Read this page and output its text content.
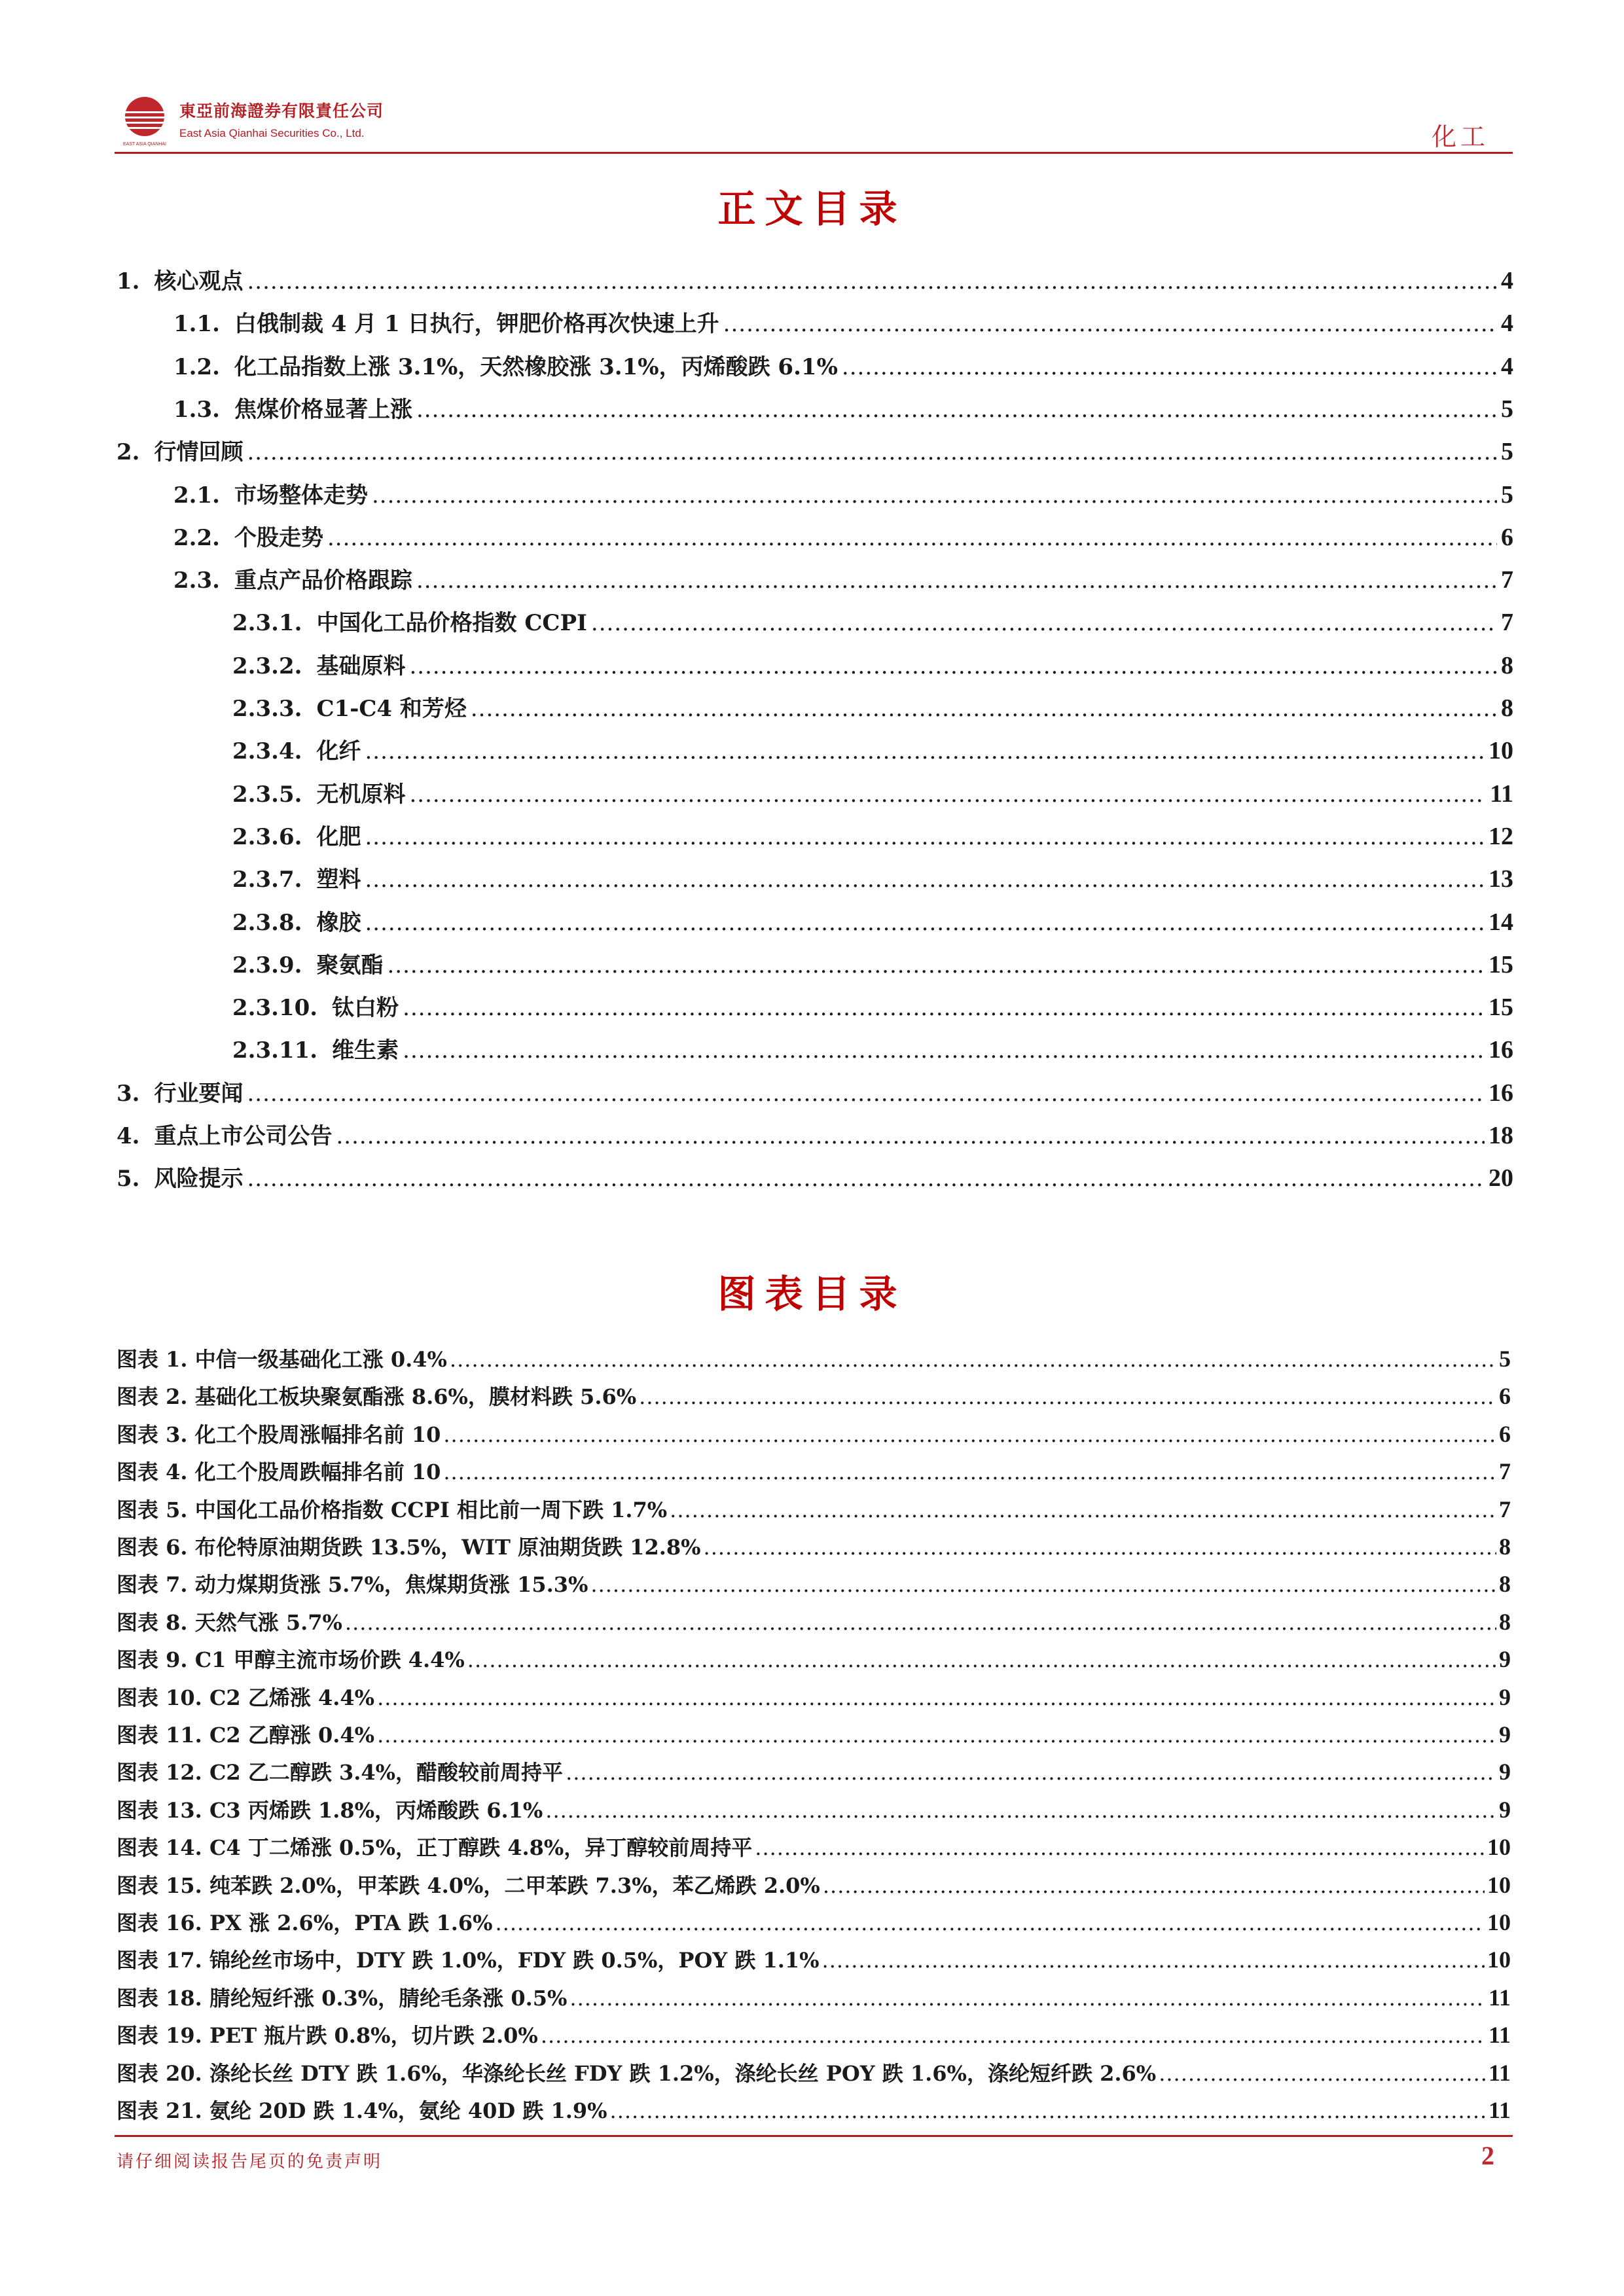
EAST ASIA QIANHAI
東亞前海證券有限責任公司
East Asia Qianhai Securities Co., Ltd.	化工
正文目录
1. 核心观点 .....	4
1.1. 白俄制裁 4 月 1 日执行，钾肥价格再次快速上升 .....	4
1.2. 化工品指数上涨 3.1%，天然橡胶涨 3.1%，丙烯酸跌 6.1% .....	4
1.3. 焦煤价格显著上涨 .....	5
2. 行情回顾 .....	5
2.1. 市场整体走势 .....	5
2.2. 个股走势 .....	6
2.3. 重点产品价格跟踪 .....	7
2.3.1. 中国化工品价格指数 CCPI .....	7
2.3.2. 基础原料 .....	8
2.3.3. C1-C4 和芳烃 .....	8
2.3.4. 化纤 .....	10
2.3.5. 无机原料 .....	11
2.3.6. 化肥 .....	12
2.3.7. 塑料 .....	13
2.3.8. 橡胶 .....	14
2.3.9. 聚氨酯 .....	15
2.3.10. 钛白粉 .....	15
2.3.11. 维生素 .....	16
3. 行业要闻 .....	16
4. 重点上市公司公告 .....	18
5. 风险提示 .....	20
图表目录
图表 1. 中信一级基础化工涨 0.4% .....	5
图表 2. 基础化工板块聚氨酯涨 8.6%，膜材料跌 5.6% .....	6
图表 3. 化工个股周涨幅排名前 10 .....	6
图表 4. 化工个股周跌幅排名前 10 .....	7
图表 5. 中国化工品价格指数 CCPI 相比前一周下跌 1.7% .....	7
图表 6. 布伦特原油期货跌 13.5%，WIT 原油期货跌 12.8% .....	8
图表 7. 动力煤期货涨 5.7%，焦煤期货涨 15.3% .....	8
图表 8. 天然气涨 5.7% .....	8
图表 9. C1 甲醇主流市场价跌 4.4% .....	9
图表 10. C2 乙烯涨 4.4% .....	9
图表 11. C2 乙醇涨 0.4% .....	9
图表 12. C2 乙二醇跌 3.4%，醋酸较前周持平 .....	9
图表 13. C3 丙烯跌 1.8%，丙烯酸跌 6.1% .....	9
图表 14. C4 丁二烯涨 0.5%，正丁醇跌 4.8%，异丁醇较前周持平 .....	10
图表 15. 纯苯跌 2.0%，甲苯跌 4.0%，二甲苯跌 7.3%，苯乙烯跌 2.0% .....	10
图表 16. PX 涨 2.6%，PTA 跌 1.6% .....	10
图表 17. 锦纶丝市场中，DTY 跌 1.0%，FDY 跌 0.5%，POY 跌 1.1% .....	10
图表 18. 腈纶短纤涨 0.3%，腈纶毛条涨 0.5% .....	11
图表 19. PET 瓶片跌 0.8%，切片跌 2.0% .....	11
图表 20. 涤纶长丝 DTY 跌 1.6%，华涤纶长丝 FDY 跌 1.2%，涤纶长丝 POY 跌 1.6%，涤纶短纤跌 2.6% .....	11
图表 21. 氨纶 20D 跌 1.4%，氨纶 40D 跌 1.9% .....	11
请仔细阅读报告尾页的免责声明	2
